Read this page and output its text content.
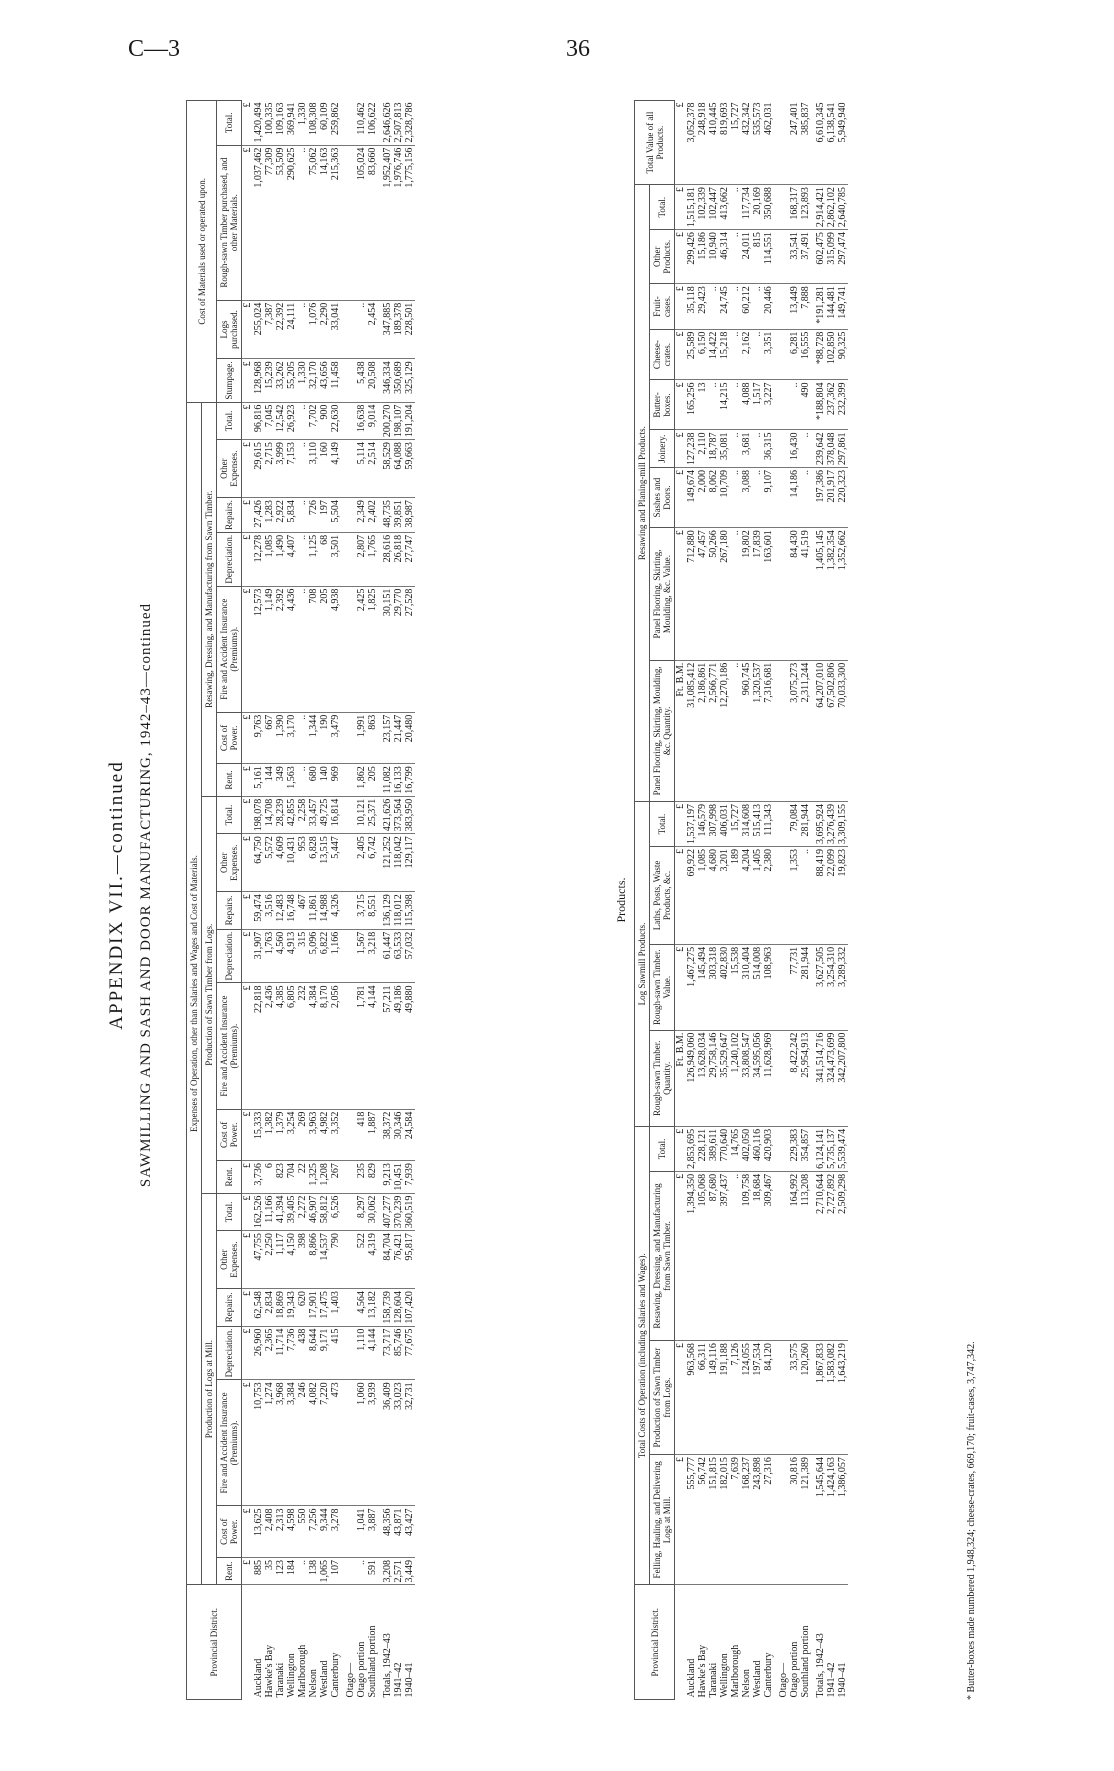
C—3	36
APPENDIX VII.—continued SAWMILLING AND SASH AND DOOR MANUFACTURING, 1942–43—continued
Provincial District.	Expenses of Operation, other than Salaries and Wages and Cost of Materials.																					Cost of Materials used or operated upon.			
	Production of Logs at Mill.							Production of Sawn Timber from Logs.							Resawing, Dressing, and Manufacturing from Sawn Timber.										
	Rent.	Cost of Power.	Fire and Accident Insurance (Premiums).	Depreciation.	Repairs.	Other Expenses.	Total.	Rent.	Cost of Power.	Fire and Accident Insurance (Premiums).	Depreciation.	Repairs.	Other Expenses.	Total.	Rent.	Cost of Power.	Fire and Accident Insurance (Premiums).	Depreciation.	Repairs.	Other Expenses.	Total.	Stumpage.	Logs purchased.	Rough-sawn Timber purchased, and other Materials.	Total.
	£	£	£	£	£	£	£	£	£	£	£	£	£	£	£	£	£	£	£	£	£	£	£	£	£
Auckland	885	13,625	10,753	26,960	62,548	47,755	162,526	3,736	15,333	22,818	31,907	59,474	64,750	198,078	5,161	9,763	12,573	12,278	27,426	29,615	96,816	128,968	255,024	1,037,462	1,420,494
Hawke's Bay	35	2,408	1,274	2,365	2,834	2,250	11,166	6	1,382	2,436	1,763	3,516	5,572	14,708	144	667	1,149	1,085	1,283	2,715	7,045	15,239	7,387	77,309	100,335
Taranaki	123	2,313	3,968	11,714	18,869	1,117	41,394	823	1,379	4,385	4,560	12,483	4,609	28,239	349	1,390	2,392	1,490	2,922	3,999	12,542	33,262	22,392	53,509	109,163
Wellington	184	4,598	3,384	7,736	19,343	4,150	39,405	704	3,254	6,805	4,913	16,748	10,431	42,855	1,563	3,170	4,436	4,407	5,834	7,153	26,923	55,205	24,111	290,625	369,941
Marlborough	..	550	246	438	620	398	2,272	22	269	232	315	467	953	2,258	..	..	..	..	..	..	..	1,330	..	..	1,330
Nelson	138	7,256	4,082	8,644	17,901	8,866	46,907	1,325	3,963	4,384	5,096	11,861	6,828	33,457	680	1,344	708	1,125	726	3,110	7,702	32,170	1,076	75,062	108,308
Westland	1,065	9,344	7,220	9,171	17,475	14,537	58,812	1,208	4,982	8,170	6,822	14,988	13,515	49,725	140	190	205	68	197	160	900	43,656	2,290	14,163	60,109
Canterbury	107	3,278	473	415	1,403	790	6,526	267	3,352	2,056	1,166	4,326	5,447	16,814	969	3,479	4,938	3,501	5,504	4,149	22,630	11,458	33,041	215,363	259,862
Otago—																									
Otago portion	..	1,041	1,060	1,110	4,564	522	8,297	235	418	1,781	1,567	3,715	2,405	10,121	1,862	1,991	2,425	2,807	2,349	5,114	16,638	5,438	..	105,024	110,462
Southland portion	591	3,887	3,939	4,144	13,182	4,319	30,062	829	1,887	4,144	3,218	8,551	6,742	25,371	205	863	1,825	1,765	2,402	2,514	9,014	20,508	2,454	83,660	106,622
Totals, 1942–43	3,208	48,356	36,409	73,717	158,739	84,704	407,277	9,213	38,372	57,211	61,447	136,129	121,252	421,626	11,082	23,157	30,151	28,616	48,735	58,529	200,270	346,334	347,885	1,952,407	2,646,626
1941–42	2,571	43,871	33,023	85,746	128,604	76,421	370,239	10,451	30,346	49,186	63,533	118,012	118,042	373,564	16,133	21,447	29,770	26,818	39,851	64,088	198,107	350,689	189,378	1,976,746	2,507,813
1940–41	3,449	43,427	32,731	77,675	107,420	95,817	360,519	7,939	24,584	49,880	57,032	115,398	129,117	383,950	16,799	20,480	27,528	27,747	38,987	59,663	191,204	325,129	228,501	1,775,156	2,328,786
Products.
Provincial District.	Total Costs of Operation (including Salaries and Wages).				Log Sawmill Products.				Resawing and Planing-mill Products.									Total Value of all Products.
	Felling, Hauling, and Delivering Logs at Mill.	Production of Sawn Timber from Logs.	Resawing, Dressing, and Manufacturing from Sawn Timber.	Total.	Rough-sawn Timber. Quantity.	Rough-sawn Timber. Value.	Laths, Posts, Waste Products, &c.	Total.	Panel Flooring, Skirting, Moulding, &c. Quantity.	Panel Flooring, Skirting, Moulding, &c. Value.	Sashes and Doors.	Joinery.	Butter-boxes.	Cheese-crates.	Fruit-cases.	Other Products.	Total.	
	£	£	£	£	Ft. B.M.	£	£	£	Ft. B.M.	£	£	£	£	£	£	£	£	£
Auckland	555,777	963,568	1,394,350	2,853,695	126,949,060	1,467,275	69,922	1,537,197	31,085,412	712,880	149,674	127,238	165,256	25,589	35,118	299,426	1,515,181	3,052,378
Hawke's Bay	56,742	66,311	105,068	228,121	13,628,034	145,494	1,085	146,579	2,186,861	47,457	2,000	2,110	13	6,150	29,423	15,186	102,339	248,918
Taranaki	151,815	149,116	87,680	389,611	29,758,146	303,318	4,680	307,998	2,566,771	50,266	8,062	18,787	..	14,422	..	10,940	102,447	410,445
Wellington	182,015	191,188	397,437	770,640	35,529,647	402,830	3,201	406,031	12,270,186	267,180	10,709	35,081	14,215	15,218	24,745	46,314	413,662	819,693
Marlborough	7,639	7,126	..	14,765	1,240,102	15,538	189	15,727	..	..	..	..	..	..	..	..	..	15,727
Nelson	168,237	124,055	109,758	402,050	33,808,547	310,404	4,204	314,608	960,745	19,802	3,088	3,681	4,088	2,162	60,212	24,011	117,734	432,342
Westland	243,898	197,534	18,684	460,116	34,595,056	514,008	1,405	515,413	1,320,537	17,839	..	..	1,517	..	..	815	20,169	535,573
Canterbury	27,316	84,120	309,467	420,903	11,628,969	108,963	2,380	111,343	7,316,681	163,601	9,107	36,315	3,227	3,351	20,446	114,551	350,688	462,031
Otago—																		
Otago portion	30,816	33,575	164,992	229,383	8,422,242	77,731	1,353	79,084	3,075,273	84,430	14,186	16,430	..	6,281	13,449	33,541	168,317	247,401
Southland portion	121,389	120,260	113,208	354,857	25,954,913	281,944	..	281,944	2,311,244	41,519	..	..	490	16,555	7,888	37,491	123,893	385,837
Totals, 1942–43	1,545,644	1,867,833	2,710,644	6,124,141	341,514,716	3,627,505	88,419	3,695,924	64,207,010	1,405,145	197,386	239,642	*188,804	*88,728	*191,281	602,475	2,914,421	6,610,345
1941–42	1,424,163	1,583,082	2,727,892	5,735,137	324,473,699	3,254,310	22,099	3,276,439	67,502,806	1,382,354	201,917	378,048	237,362	102,850	144,481	315,099	2,862,102	6,138,541
1940–41	1,386,057	1,643,219	2,509,298	5,539,474	342,207,800	3,289,332	19,823	3,309,155	70,033,300	1,352,662	220,323	297,861	232,399	90,325	149,741	297,474	2,640,785	5,949,940
* Butter-boxes made numbered 1,948,324; cheese-crates, 669,170; fruit-cases, 3,747,342.
